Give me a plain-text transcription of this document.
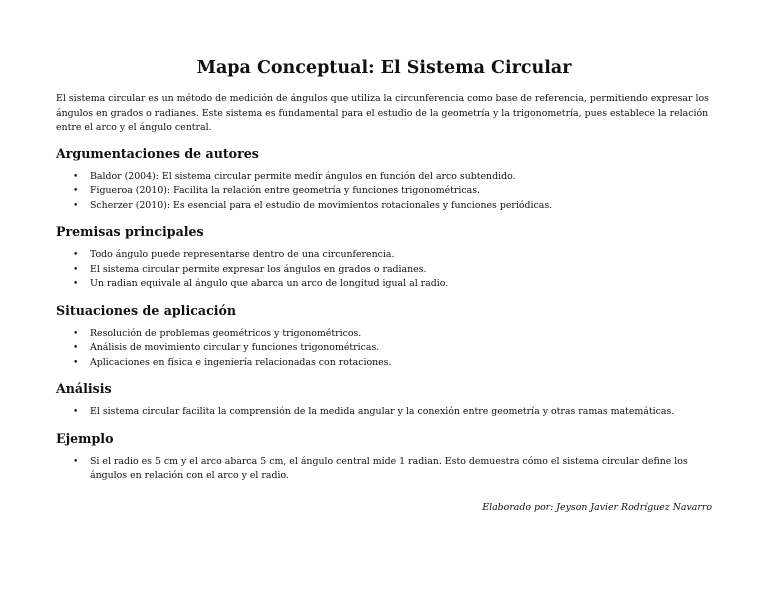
Mapa Conceptual: El Sistema Circular

El sistema circular es un método de medición de ángulos que utiliza la circunferencia como base de referencia, permitiendo expresar los ángulos en grados o radianes. Este sistema es fundamental para el estudio de la geometría y la trigonometría, pues establece la relación entre el arco y el ángulo central.

Argumentaciones de autores
• Baldor (2004): El sistema circular permite medir ángulos en función del arco subtendido.
• Figueroa (2010): Facilita la relación entre geometría y funciones trigonométricas.
• Scherzer (2010): Es esencial para el estudio de movimientos rotacionales y funciones periódicas.
Premisas principales
• Todo ángulo puede representarse dentro de una circunferencia.
• El sistema circular permite expresar los ángulos en grados o radianes.
• Un radian equivale al ángulo que abarca un arco de longitud igual al radio.
Situaciones de aplicación
• Resolución de problemas geométricos y trigonométricos.
• Análisis de movimiento circular y funciones trigonométricas.
• Aplicaciones en física e ingeniería relacionadas con rotaciones.
Análisis
• El sistema circular facilita la comprensión de la medida angular y la conexión entre geometría y otras ramas matemáticas.
Ejemplo
• Si el radio es 5 cm y el arco abarca 5 cm, el ángulo central mide 1 radian. Esto demuestra cómo el sistema circular define los ángulos en relación con el arco y el radio.
Elaborado por: Jeyson Javier Rodríguez Navarro
